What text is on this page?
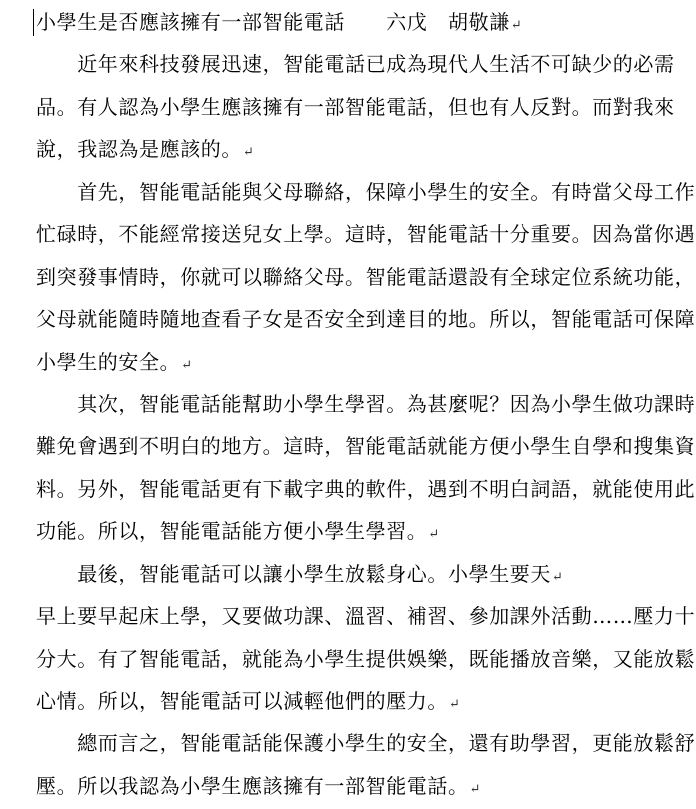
小學生是否應該擁有一部智能電話　　六戊　胡敬謙↵
　　近年來科技發展迅速，智能電話已成為現代人生活不可缺少的必需
品。有人認為小學生應該擁有一部智能電話，但也有人反對。而對我來
說，我認為是應該的。↵
　　首先，智能電話能與父母聯絡，保障小學生的安全。有時當父母工作
忙碌時，不能經常接送兒女上學。這時，智能電話十分重要。因為當你遇
到突發事情時，你就可以聯絡父母。智能電話還設有全球定位系統功能，
父母就能隨時隨地查看子女是否安全到達目的地。所以，智能電話可保障
小學生的安全。↵
　　其次，智能電話能幫助小學生學習。為甚麼呢？因為小學生做功課時
難免會遇到不明白的地方。這時，智能電話就能方便小學生自學和搜集資
料。另外，智能電話更有下載字典的軟件，遇到不明白詞語，就能使用此
功能。所以，智能電話能方便小學生學習。↵
　　最後，智能電話可以讓小學生放鬆身心。小學生要天↵
早上要早起床上學，又要做功課、溫習、補習、參加課外活動……壓力十
分大。有了智能電話，就能為小學生提供娛樂，既能播放音樂，又能放鬆
心情。所以，智能電話可以減輕他們的壓力。↵
　　總而言之，智能電話能保護小學生的安全，還有助學習，更能放鬆舒
壓。所以我認為小學生應該擁有一部智能電話。↵
